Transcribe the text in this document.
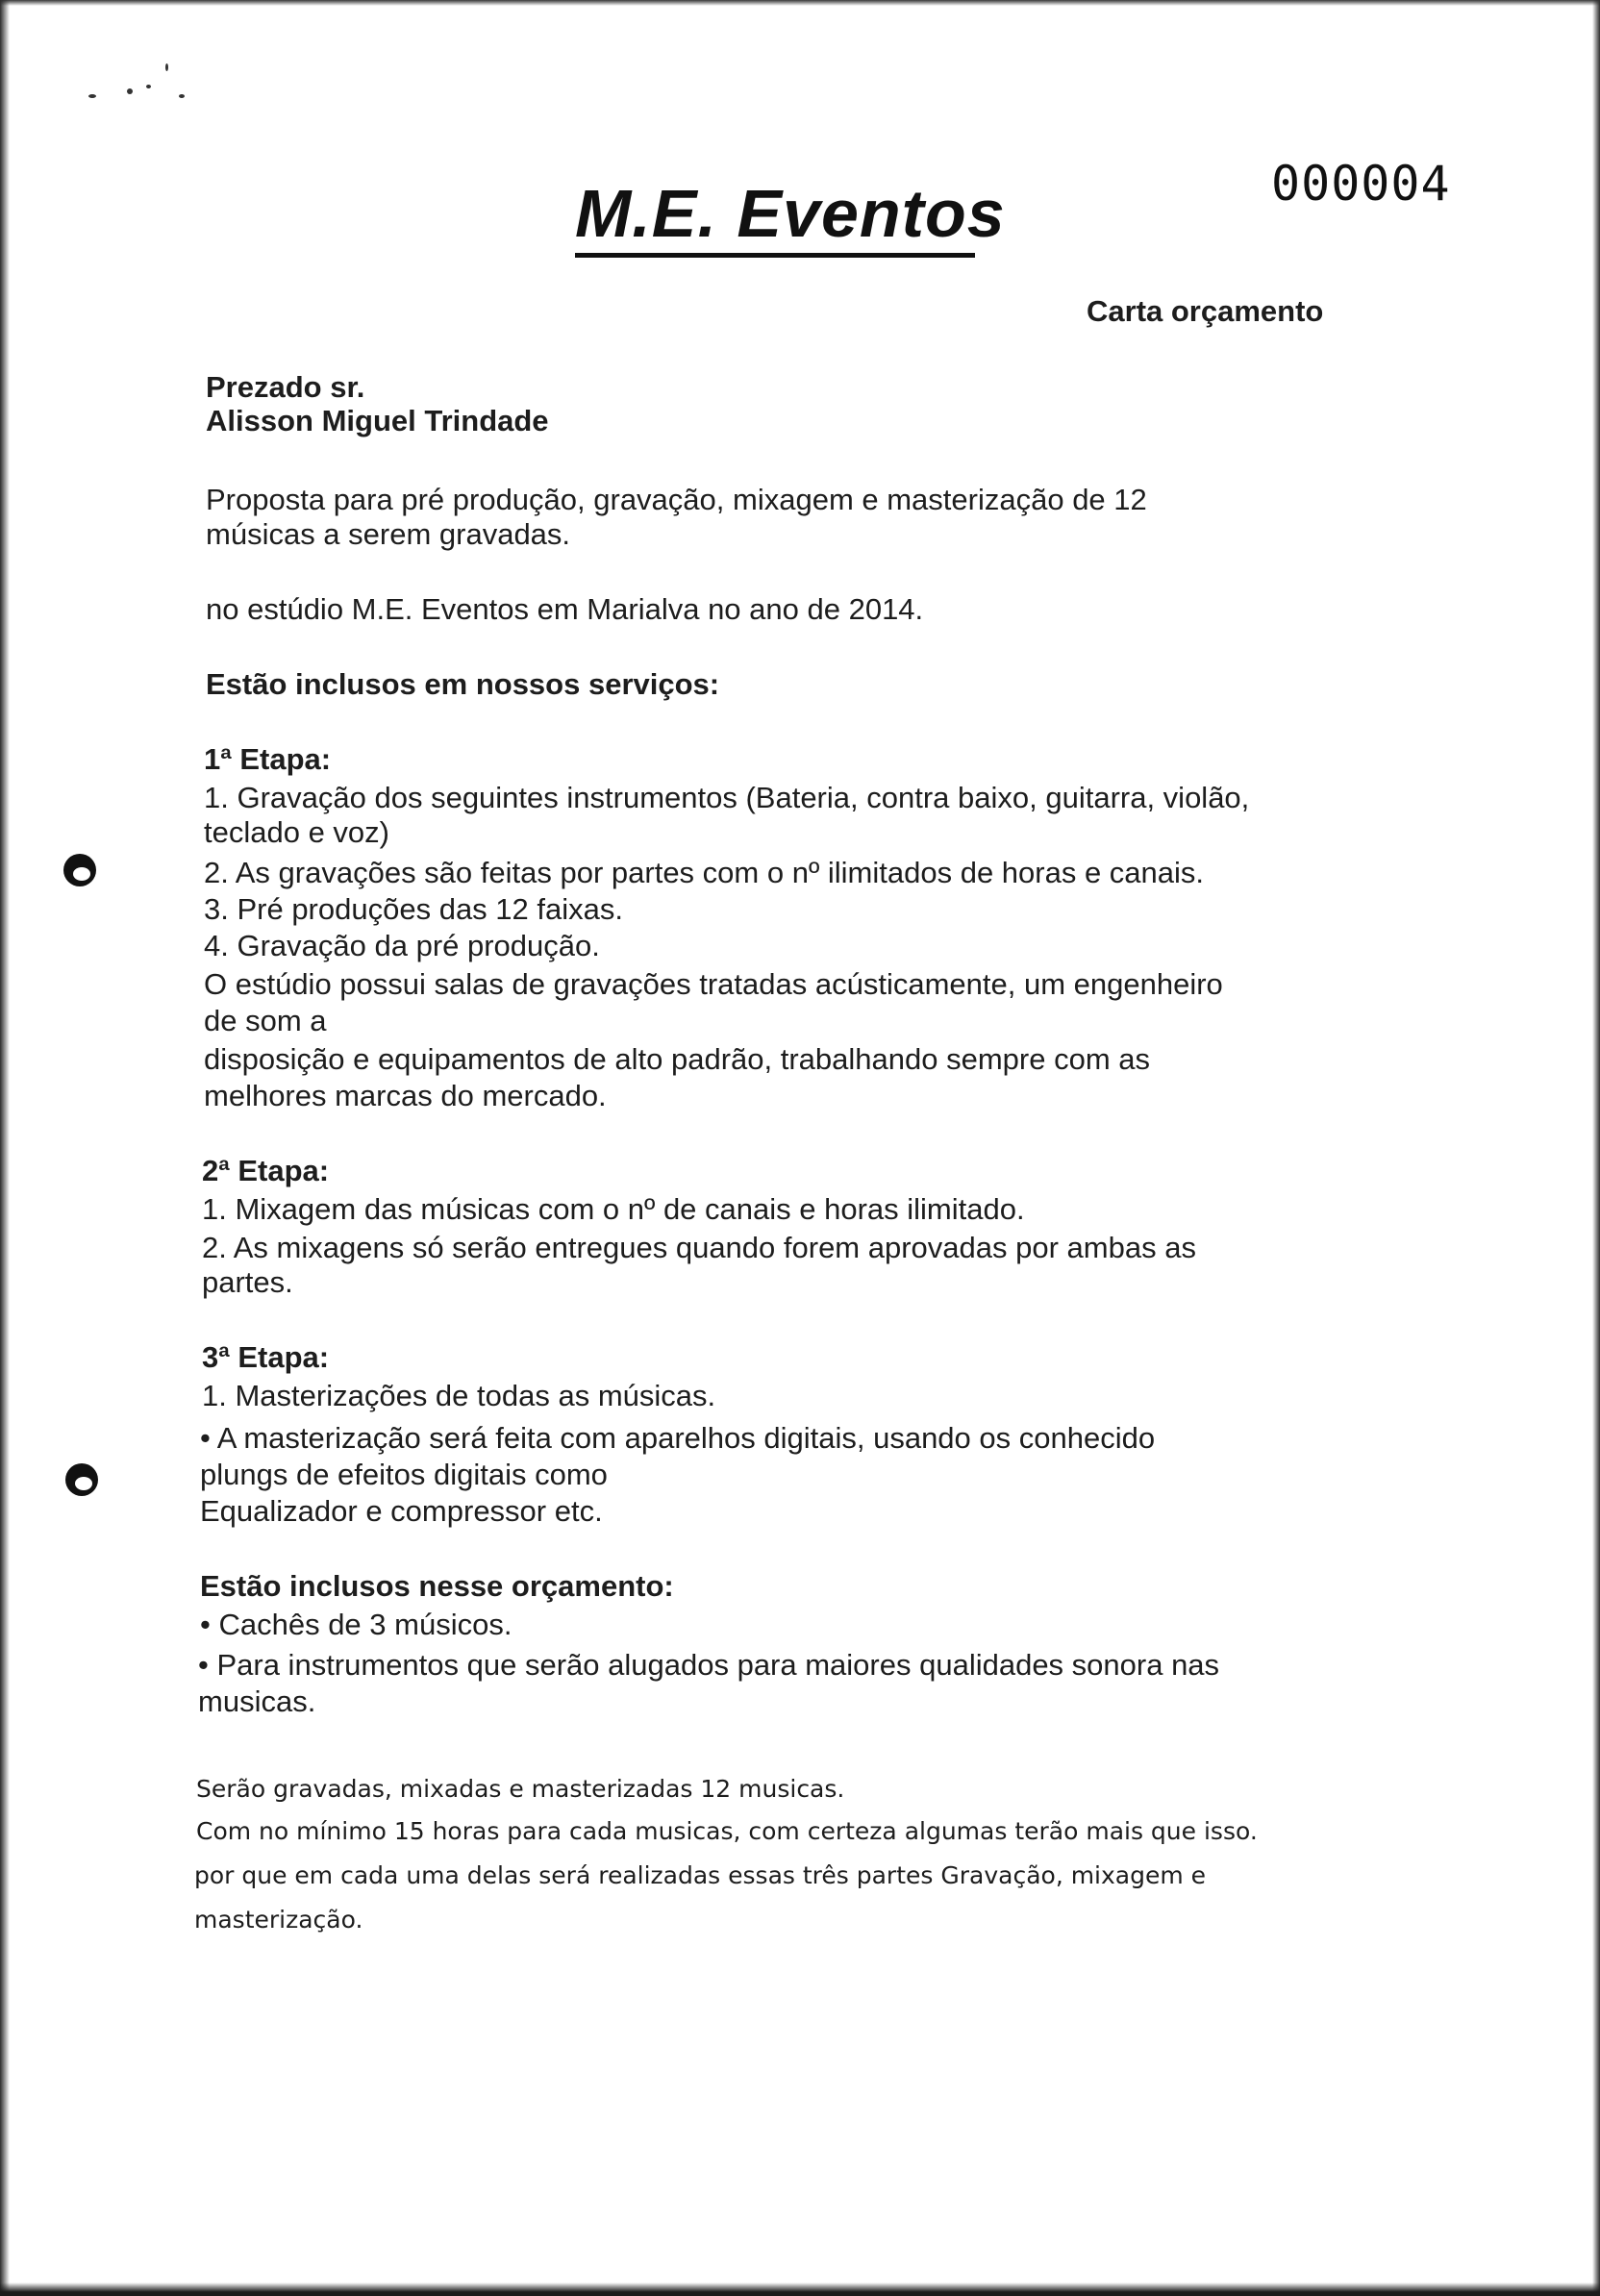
M.E. Eventos	000004
Carta orçamento
Prezado sr.
Alisson Miguel Trindade
Proposta para pré produção, gravação, mixagem e masterização de 12
músicas a serem gravadas.
no estúdio M.E. Eventos em Marialva no ano de 2014.
Estão inclusos em nossos serviços:
1ª Etapa:
1. Gravação dos seguintes instrumentos (Bateria, contra baixo, guitarra, violão,
teclado e voz)
2. As gravações são feitas por partes com o nº ilimitados de horas e canais.
3. Pré produções das 12 faixas.
4. Gravação da pré produção.
O estúdio possui salas de gravações tratadas acústicamente, um engenheiro
de som a
disposição e equipamentos de alto padrão, trabalhando sempre com as
melhores marcas do mercado.
2ª Etapa:
1. Mixagem das músicas com o nº de canais e horas ilimitado.
2. As mixagens só serão entregues quando forem aprovadas por ambas as
partes.
3ª Etapa:
1. Masterizações de todas as músicas.
• A masterização será feita com aparelhos digitais, usando os conhecido
plungs de efeitos digitais como
Equalizador e compressor etc.
Estão inclusos nesse orçamento:
• Cachês de 3 músicos.
• Para instrumentos que serão alugados para maiores qualidades sonora nas
musicas.
Serão gravadas, mixadas e masterizadas 12 musicas.
Com no mínimo 15 horas para cada musicas, com certeza algumas terão mais que isso.
por que em cada uma delas será realizadas essas três partes Gravação, mixagem e
masterização.
